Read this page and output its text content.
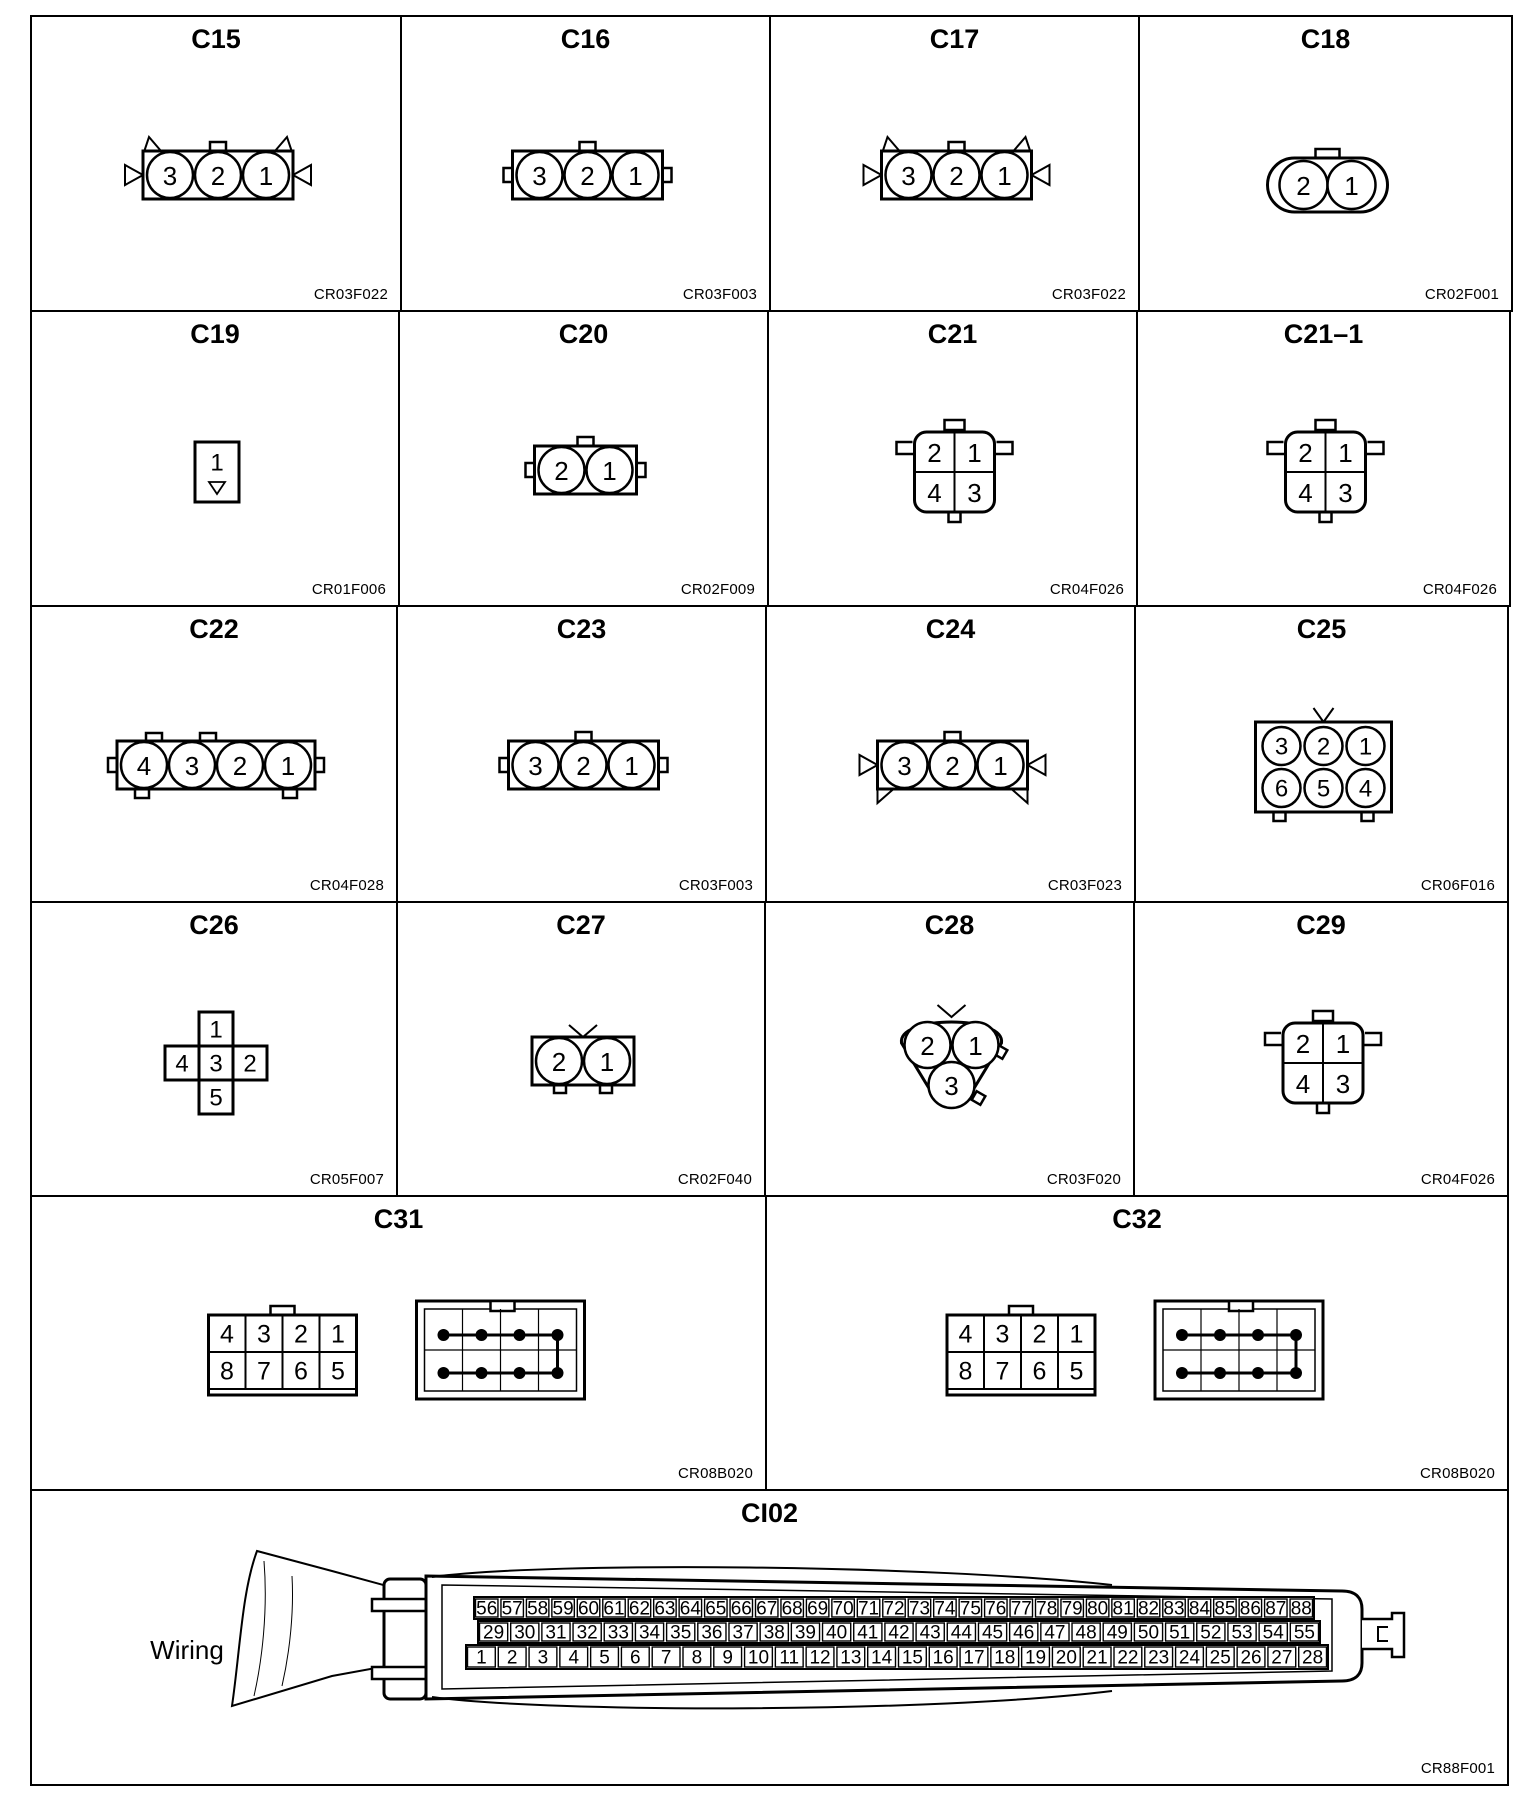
C15
3 2 1
CR03F022
C16
3 2 1
CR03F003
C17
3 2 1
CR03F022
C18
2 1
CR02F001
C19
1
CR01F006
C20
2 1
CR02F009
C21
2 1
4 3
CR04F026
C21–1
2 1
4 3
CR04F026
C22
4 3 2 1
CR04F028
C23
3 2 1
CR03F003
C24
3 2 1
CR03F023
C25
3 2 1
6 5 4
CR06F016
C26
1
4 3 2
5
CR05F007
C27
2 1
CR02F040
C28
2 1
3
CR03F020
C29
2 1
4 3
CR04F026
C31
4 3 2 1
8 7 6 5
CR08B020
C32
4 3 2 1
8 7 6 5
CR08B020
CI02
Wiring
56 57 58 59 60 61 62 63 64 65 66 67 68 69 70 71 72 73 74 75 76 77 78 79 80 81 82 83 84 85 86 87 88
29 30 31 32 33 34 35 36 37 38 39 40 41 42 43 44 45 46 47 48 49 50 51 52 53 54 55
1 2 3 4 5 6 7 8 9 10 11 12 13 14 15 16 17 18 19 20 21 22 23 24 25 26 27 28
CR88F001
